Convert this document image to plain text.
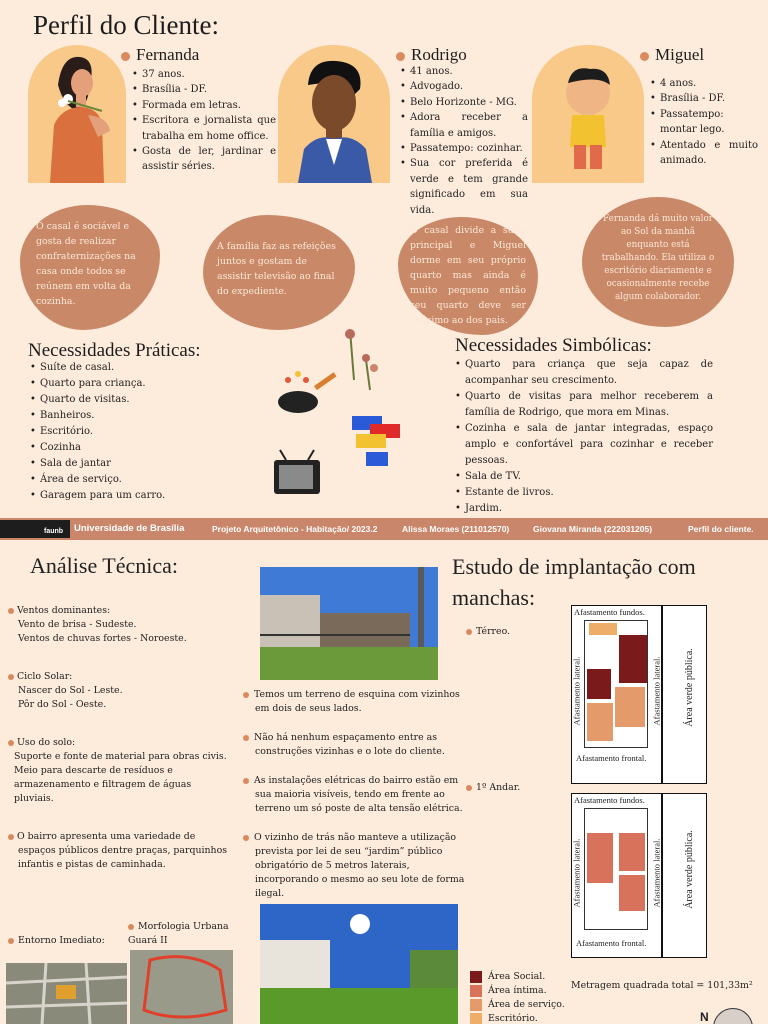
Perfil do Cliente:
Fernanda
• 37 anos.
• Brasília - DF.
• Formada em letras.
• Escritora e jornalista que trabalha em home office.
• Gosta de ler, jardinar e assistir séries.
Rodrigo
• 41 anos.
• Advogado.
• Belo Horizonte - MG.
• Adora receber a família e amigos.
• Passatempo: cozinhar.
• Sua cor preferida é verde e tem grande significado em sua vida.
Miguel
• 4 anos.
• Brasília - DF.
• Passatempo: montar lego.
• Atentado e muito animado.
O casal é sociável e gosta de realizar confraternizações na casa onde todos se reúnem em volta da cozinha.
A família faz as refeições juntos e gostam de assistir televisão ao final do expediente.
O casal divide a suíte principal e Miguel dorme em seu próprio quarto mas ainda é muito pequeno então seu quarto deve ser próximo ao dos pais.
Fernanda dá muito valor ao Sol da manhã enquanto está trabalhando. Ela utiliza o escritório diariamente e ocasionalmente recebe algum colaborador.
Necessidades Práticas:
• Suíte de casal.
• Quarto para criança.
• Quarto de visitas.
• Banheiros.
• Escritório.
• Cozinha
• Sala de jantar
• Área de serviço.
• Garagem para um carro.
Necessidades Simbólicas:
• Quarto para criança que seja capaz de acompanhar seu crescimento.
• Quarto de visitas para melhor receberem a família de Rodrigo, que mora em Minas.
• Cozinha e sala de jantar integradas, espaço amplo e confortável para cozinhar e receber pessoas.
• Sala de TV.
• Estante de livros.
• Jardim.
faunb Universidade de Brasília	Projeto Arquitetônico - Habitação/ 2023.2	Alissa Moraes (211012570)	Giovana Miranda (222031205)	Perfil do cliente.
Análise Técnica:
Ventos dominantes:
Vento de brisa - Sudeste.
Ventos de chuvas fortes - Noroeste.
Ciclo Solar:
Nascer do Sol - Leste.
Pôr do Sol - Oeste.
Uso do solo:
Suporte e fonte de material para obras civis.
Meio para descarte de resíduos e armazenamento e filtragem de águas pluviais.
O bairro apresenta uma variedade de espaços públicos dentre praças, parquinhos infantis e pistas de caminhada.
Temos um terreno de esquina com vizinhos em dois de seus lados.
Não há nenhum espaçamento entre as construções vizinhas e o lote do cliente.
As instalações elétricas do bairro estão em sua maioria visíveis, tendo em frente ao terreno um só poste de alta tensão elétrica.
O vizinho de trás não manteve a utilização prevista por lei de seu “jardim” público obrigatório de 5 metros laterais, incorporando o mesmo ao seu lote de forma ilegal.
Entorno Imediato:
Morfologia Urbana Guará II
Estudo de implantação com manchas:
Térreo.
1º Andar.
Afastamento fundos.
Afastamento frontal.
Afastamento lateral.	Afastamento lateral. Área verde pública.
Afastamento fundos.
Afastamento frontal.
Afastamento lateral.	Afastamento lateral. Área verde pública.
Área Social.
Área íntima.
Área de serviço.
Escritório.
Metragem quadrada total = 101,33m²
N
